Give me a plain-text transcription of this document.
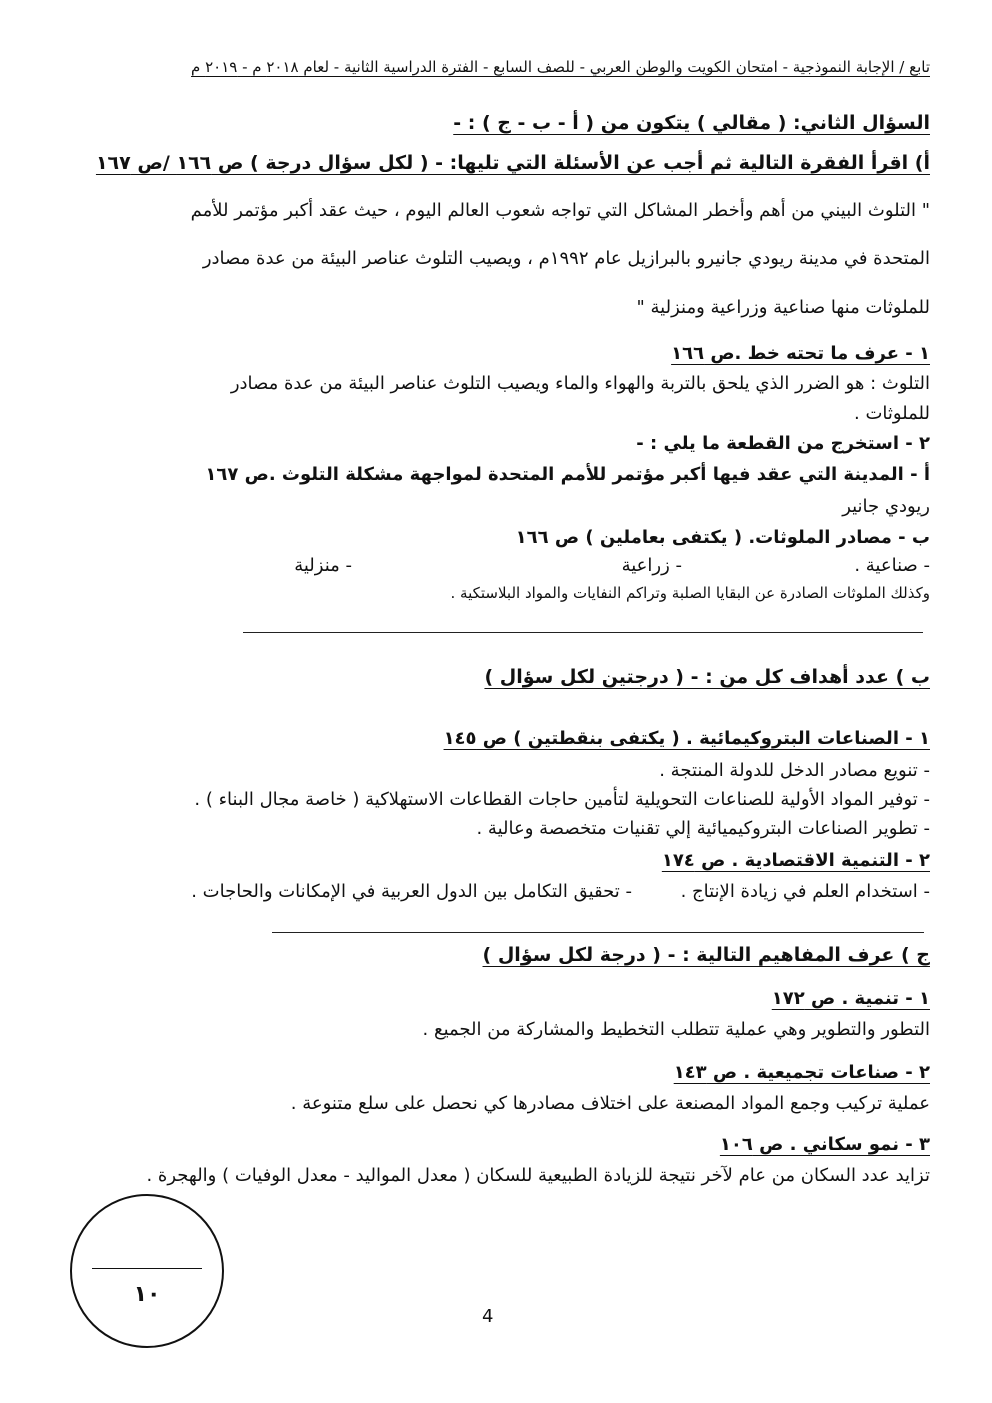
تابع / الإجابة النموذجية - امتحان الكويت والوطن العربي - للصف السابع - الفترة الدراسية الثانية - لعام ٢٠١٨ م - ٢٠١٩ م
السؤال الثاني: ( مقالي ) يتكون من ( أ - ب - ج ) : -
أ) اقرأ الفقرة التالية ثم أجب عن الأسئلة التي تليها: - ( لكل سؤال درجة ) ص ١٦٦ /ص ١٦٧
" التلوث البيني من أهم وأخطر المشاكل التي تواجه شعوب العالم اليوم ، حيث عقد أكبر مؤتمر للأمم
المتحدة في مدينة ريودي جانيرو بالبرازيل عام ١٩٩٢م ، ويصيب التلوث عناصر البيئة من عدة مصادر
للملوثات منها صناعية وزراعية ومنزلية "
١ - عرف ما تحته خط .ص ١٦٦
التلوث : هو الضرر الذي يلحق بالتربة والهواء والماء ويصيب التلوث عناصر البيئة من عدة مصادر
للملوثات .
٢ - استخرج من القطعة ما يلي : -
أ - المدينة التي عقد فيها أكبر مؤتمر للأمم المتحدة لمواجهة مشكلة التلوث .ص ١٦٧
ريودي جانير
ب - مصادر الملوثات. ( يكتفى بعاملين ) ص ١٦٦
- صناعية .
- زراعية
- منزلية
وكذلك الملوثات الصادرة عن البقايا الصلبة وتراكم النفايات والمواد البلاستكية .
ب ) عدد أهداف كل من : - ( درجتين لكل سؤال )
١ - الصناعات البتروكيمائية . ( يكتفى بنقطتين ) ص ١٤٥
- تنويع مصادر الدخل للدولة المنتجة .
- توفير المواد الأولية للصناعات التحويلية لتأمين حاجات القطاعات الاستهلاكية ( خاصة مجال البناء ) .
- تطوير الصناعات البتروكيميائية إلي تقنيات متخصصة وعالية .
٢ - التنمية الاقتصادية . ص ١٧٤
- استخدام العلم في زيادة الإنتاج .
- تحقيق التكامل بين الدول العربية في الإمكانات والحاجات .
ج ) عرف المفاهيم التالية : - ( درجة لكل سؤال )
١ - تنمية . ص ١٧٢
التطور والتطوير وهي عملية تتطلب التخطيط والمشاركة من الجميع .
٢ - صناعات تجميعية . ص ١٤٣
عملية تركيب وجمع المواد المصنعة على اختلاف مصادرها كي نحصل على سلع متنوعة .
٣ - نمو سكاني . ص ١٠٦
تزايد عدد السكان من عام لآخر نتيجة للزيادة الطبيعية للسكان ( معدل المواليد - معدل الوفيات ) والهجرة .
١٠
4
